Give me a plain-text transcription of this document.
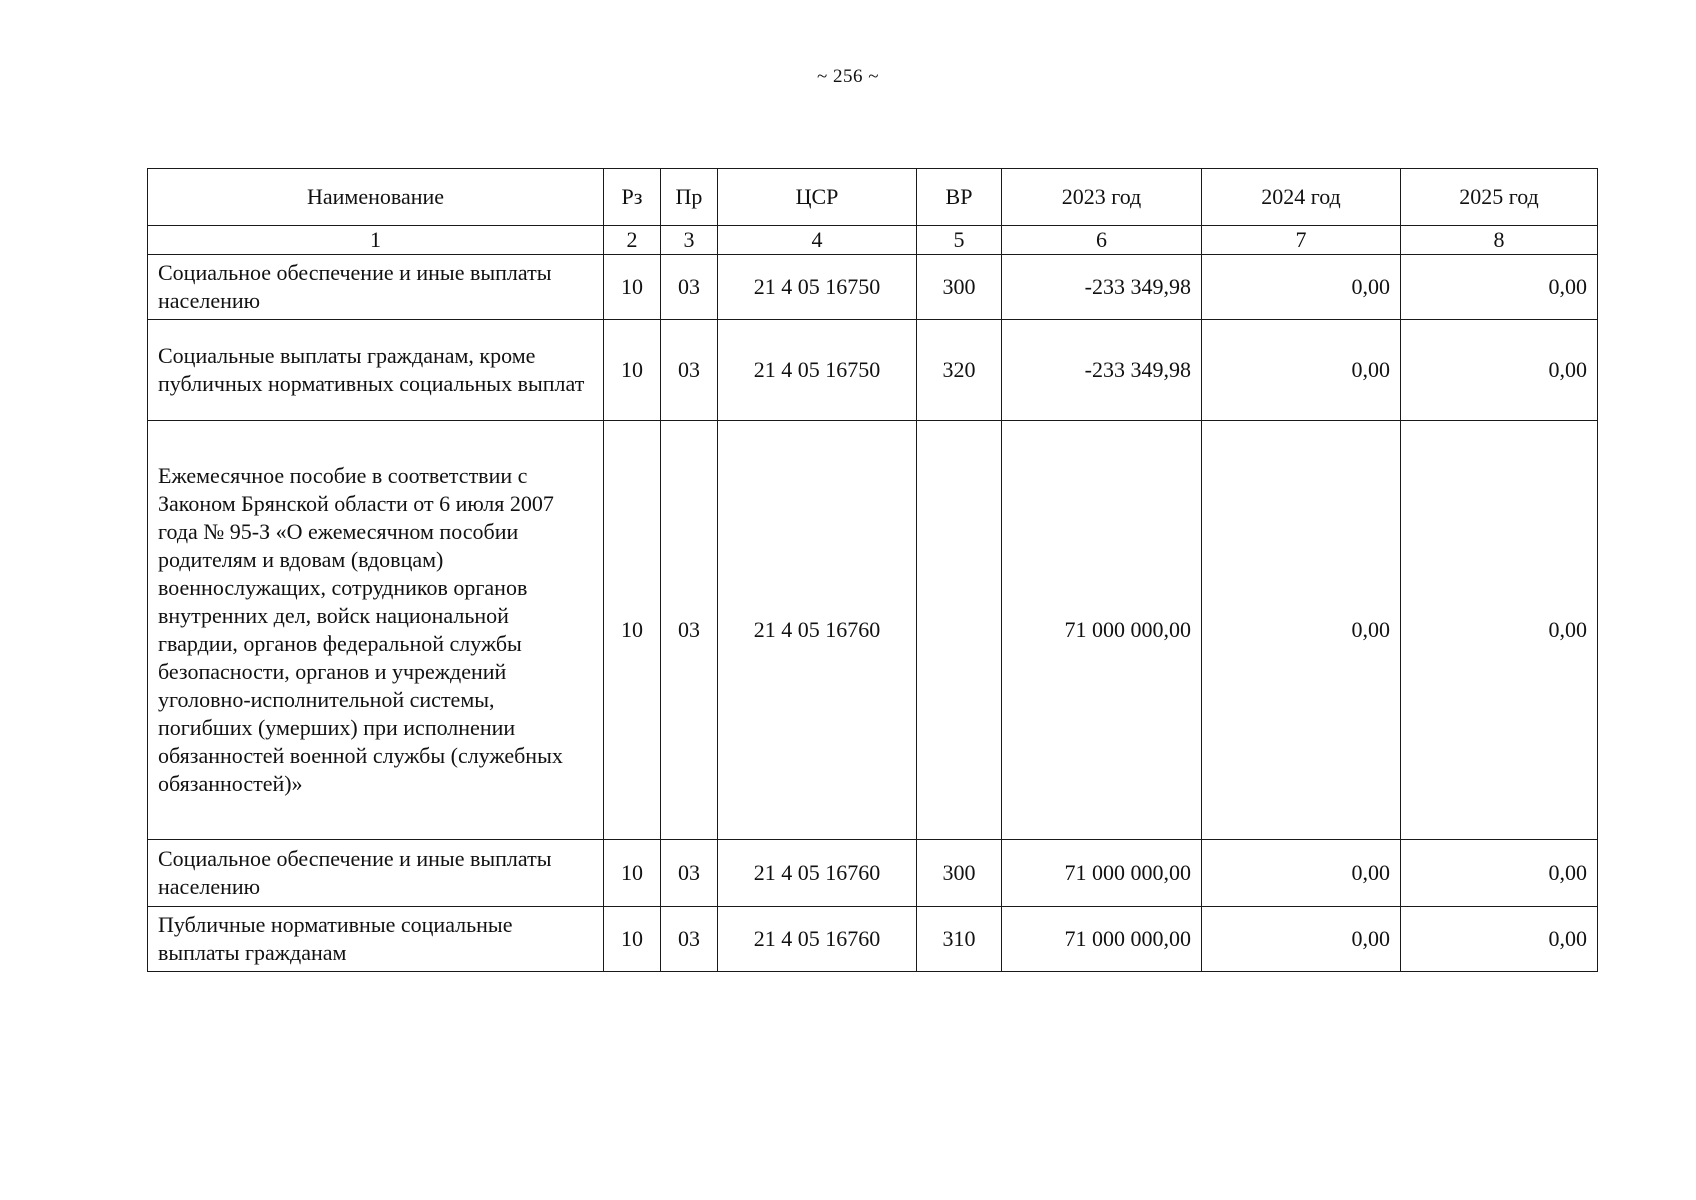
~ 256 ~
Наименование	Рз	Пр	ЦСР	ВР	2023 год	2024 год	2025 год
1	2	3	4	5	6	7	8
Социальное обеспечение и иные выплаты населению	10	03	21 4 05 16750	300	-233 349,98	0,00	0,00
Социальные выплаты гражданам, кроме публичных нормативных социальных выплат	10	03	21 4 05 16750	320	-233 349,98	0,00	0,00
Ежемесячное пособие в соответствии с Законом Брянской области от 6 июля 2007 года № 95-З «О ежемесячном пособии родителям и вдовам (вдовцам) военнослужащих, сотрудников органов внутренних дел, войск национальной гвардии, органов федеральной службы безопасности, органов и учреждений уголовно-исполнительной системы, погибших (умерших) при исполнении обязанностей военной службы (служебных обязанностей)»	10	03	21 4 05 16760		71 000 000,00	0,00	0,00
Социальное обеспечение и иные выплаты населению	10	03	21 4 05 16760	300	71 000 000,00	0,00	0,00
Публичные нормативные социальные выплаты гражданам	10	03	21 4 05 16760	310	71 000 000,00	0,00	0,00
